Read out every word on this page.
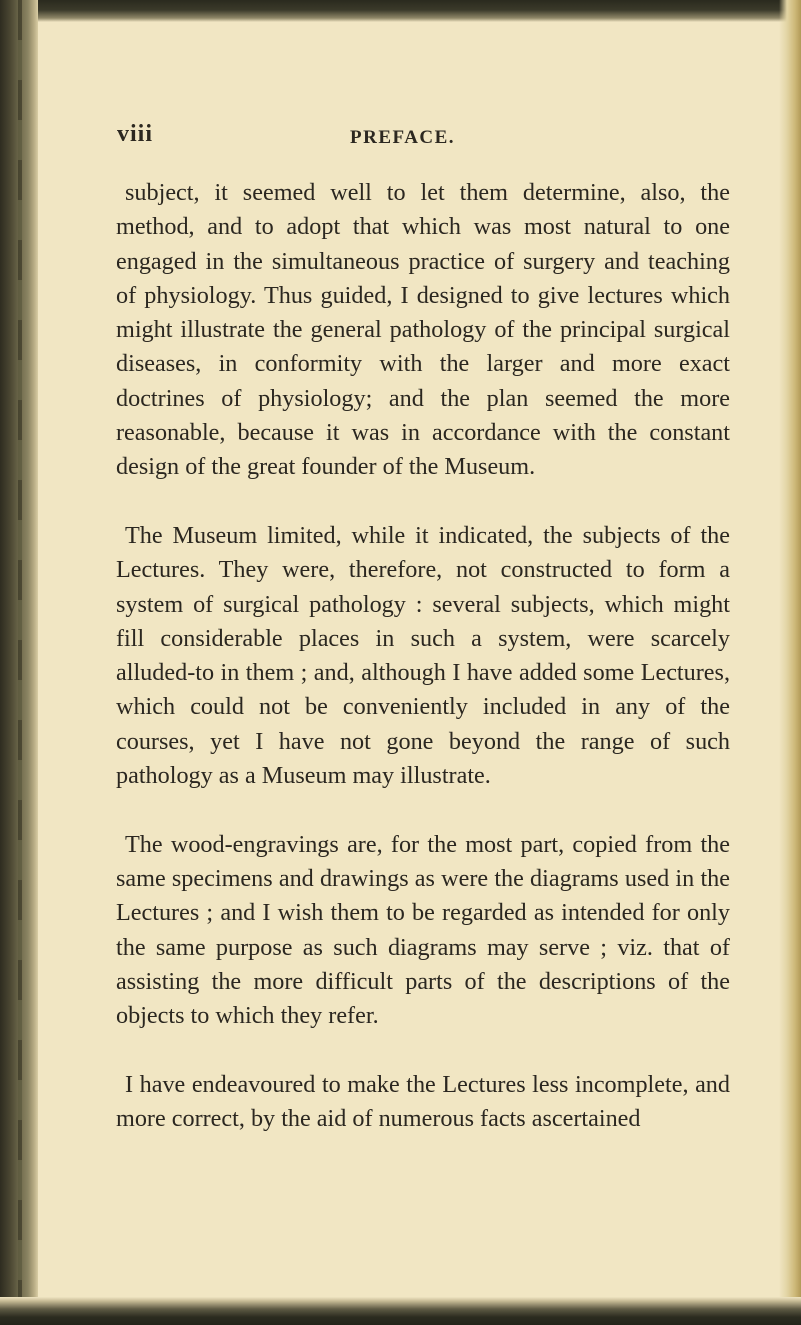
viii	PREFACE.

subject, it seemed well to let them determine, also, the method, and to adopt that which was most natural to one engaged in the simultaneous practice of surgery and teaching of physiology. Thus guided, I designed to give lectures which might illustrate the general pathology of the principal surgical diseases, in conformity with the larger and more exact doctrines of physiology; and the plan seemed the more reasonable, because it was in accordance with the constant design of the great founder of the Museum.

The Museum limited, while it indicated, the subjects of the Lectures. They were, therefore, not constructed to form a system of surgical pathology : several subjects, which might fill considerable places in such a system, were scarcely alluded-to in them ; and, although I have added some Lectures, which could not be conveniently included in any of the courses, yet I have not gone beyond the range of such pathology as a Museum may illustrate.

The wood-engravings are, for the most part, copied from the same specimens and drawings as were the diagrams used in the Lectures ; and I wish them to be regarded as intended for only the same purpose as such diagrams may serve ; viz. that of assisting the more difficult parts of the descriptions of the objects to which they refer.

I have endeavoured to make the Lectures less incomplete, and more correct, by the aid of numerous facts ascertained
